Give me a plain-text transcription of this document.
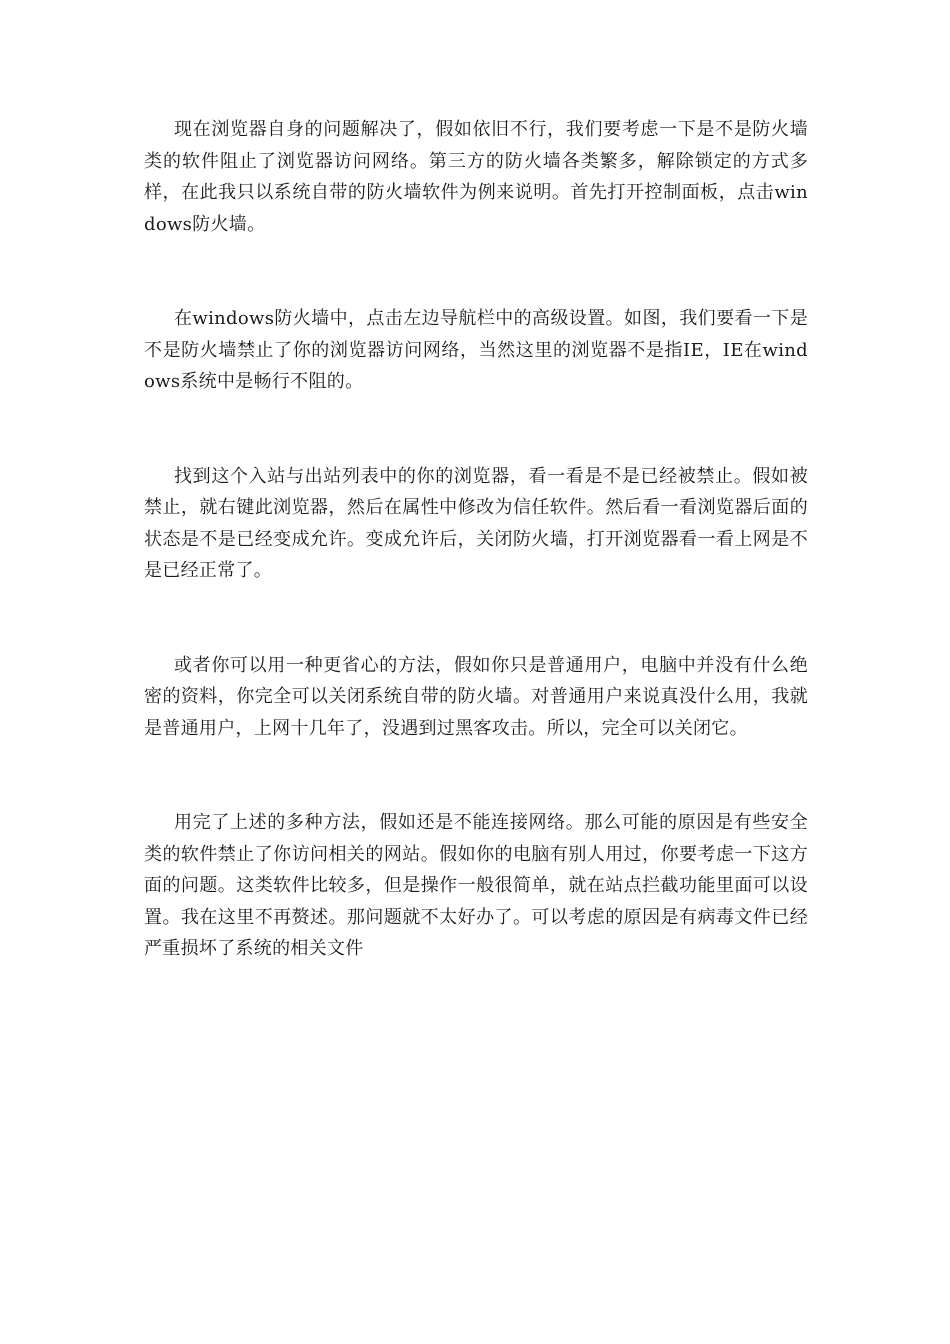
现在浏览器自身的问题解决了，假如依旧不行，我们要考虑一下是不是防火墙类的软件阻止了浏览器访问网络。第三方的防火墙各类繁多，解除锁定的方式多样，在此我只以系统自带的防火墙软件为例来说明。首先打开控制面板，点击windows防火墙。

在windows防火墙中，点击左边导航栏中的高级设置。如图，我们要看一下是不是防火墙禁止了你的浏览器访问网络，当然这里的浏览器不是指IE，IE在windows系统中是畅行不阻的。

找到这个入站与出站列表中的你的浏览器，看一看是不是已经被禁止。假如被禁止，就右键此浏览器，然后在属性中修改为信任软件。然后看一看浏览器后面的状态是不是已经变成允许。变成允许后，关闭防火墙，打开浏览器看一看上网是不是已经正常了。

或者你可以用一种更省心的方法，假如你只是普通用户，电脑中并没有什么绝密的资料，你完全可以关闭系统自带的防火墙。对普通用户来说真没什么用，我就是普通用户，上网十几年了，没遇到过黑客攻击。所以，完全可以关闭它。

用完了上述的多种方法，假如还是不能连接网络。那么可能的原因是有些安全类的软件禁止了你访问相关的网站。假如你的电脑有别人用过，你要考虑一下这方面的问题。这类软件比较多，但是操作一般很简单，就在站点拦截功能里面可以设置。我在这里不再赘述。那问题就不太好办了。可以考虑的原因是有病毒文件已经严重损坏了系统的相关文件
